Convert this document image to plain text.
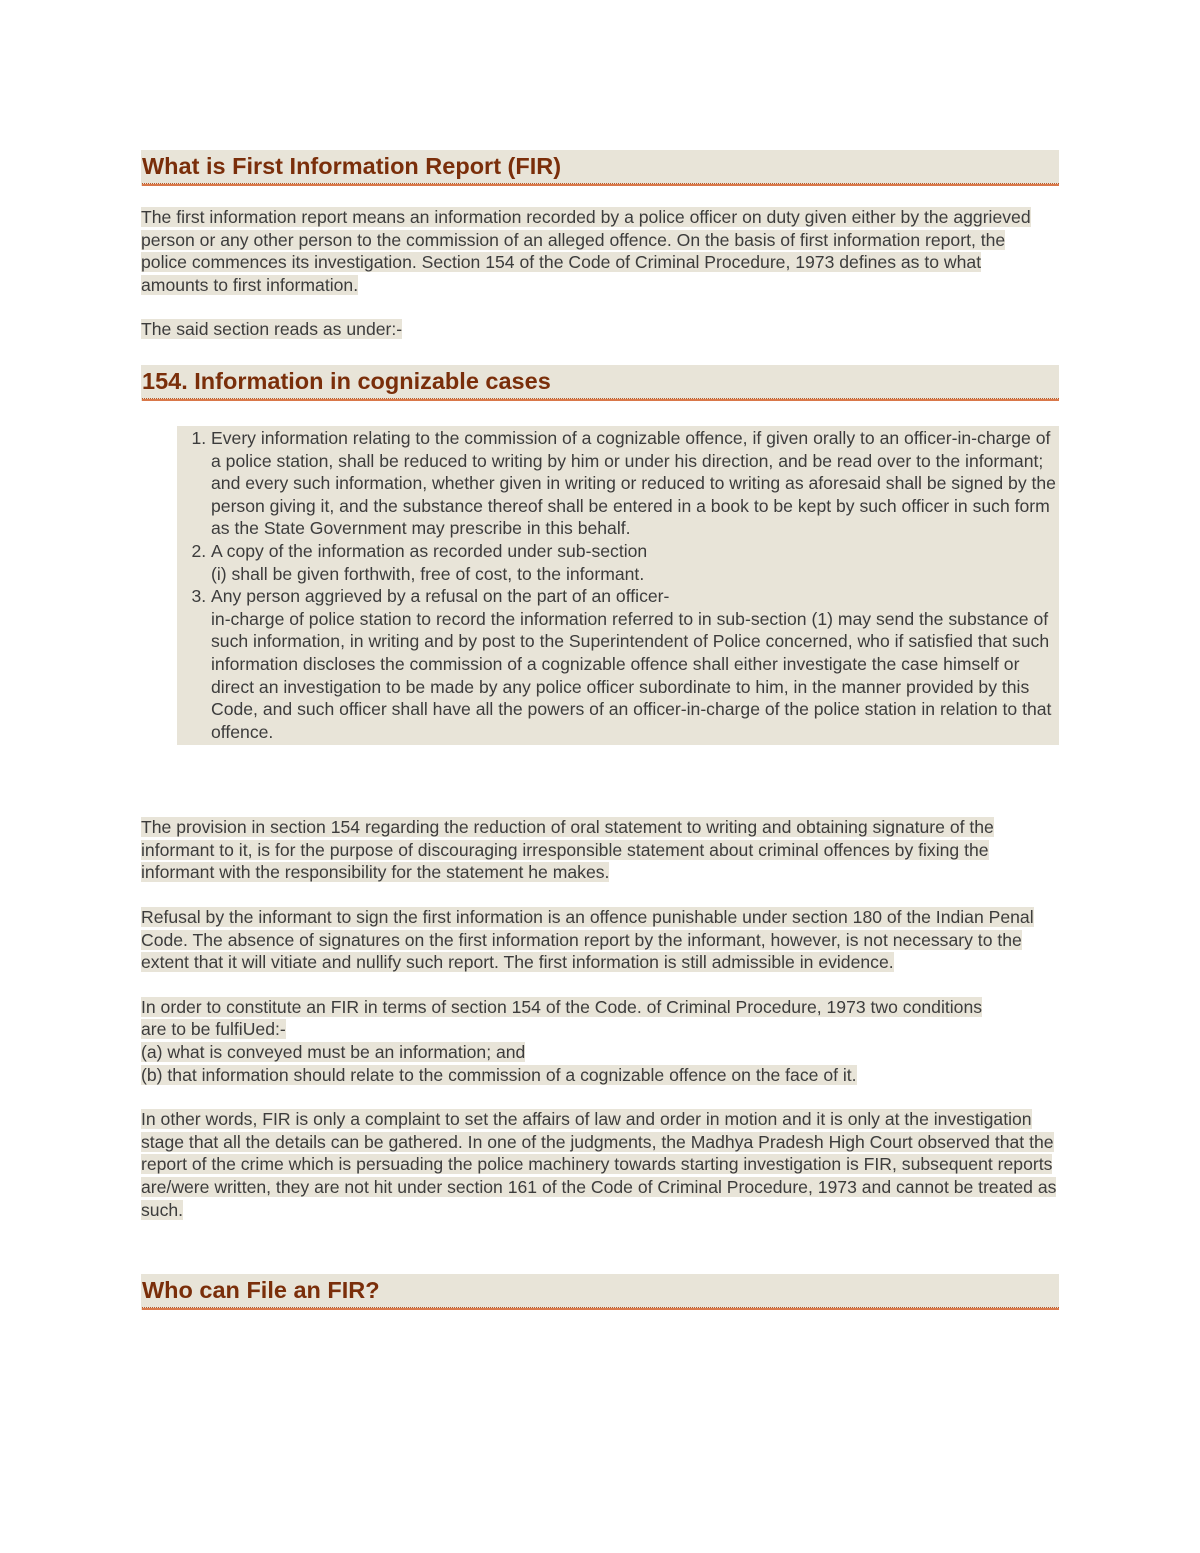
What is First Information Report (FIR)

The first information report means an information recorded by a police officer on duty given either by the aggrieved person or any other person to the commission of an alleged offence. On the basis of first information report, the police commences its investigation. Section 154 of the Code of Criminal Procedure, 1973 defines as to what amounts to first information.

The said section reads as under:-

154. Information in cognizable cases
1. Every information relating to the commission of a cognizable offence, if given orally to an officer-in-charge of a police station, shall be reduced to writing by him or under his direction, and be read over to the informant; and every such information, whether given in writing or reduced to writing as aforesaid shall be signed by the person giving it, and the substance thereof shall be entered in a book to be kept by such officer in such form as the State Government may prescribe in this behalf.
2. A copy of the information as recorded under sub-section
(i) shall be given forthwith, free of cost, to the informant.
3. Any person aggrieved by a refusal on the part of an officer-
in-charge of police station to record the information referred to in sub-section (1) may send the substance of such information, in writing and by post to the Superintendent of Police concerned, who if satisfied that such information discloses the commission of a cognizable offence shall either investigate the case himself or direct an investigation to be made by any police officer subordinate to him, in the manner provided by this Code, and such officer shall have all the powers of an officer-in-charge of the police station in relation to that offence.

The provision in section 154 regarding the reduction of oral statement to writing and obtaining signature of the informant to it, is for the purpose of discouraging irresponsible statement about criminal offences by fixing the informant with the responsibility for the statement he makes.

Refusal by the informant to sign the first information is an offence punishable under section 180 of the Indian Penal Code. The absence of signatures on the first information report by the informant, however, is not necessary to the extent that it will vitiate and nullify such report. The first information is still admissible in evidence.

In order to constitute an FIR in terms of section 154 of the Code. of Criminal Procedure, 1973 two conditions are to be fulfiUed:-
(a) what is conveyed must be an information; and
(b) that information should relate to the commission of a cognizable offence on the face of it.

In other words, FIR is only a complaint to set the affairs of law and order in motion and it is only at the investigation stage that all the details can be gathered. In one of the judgments, the Madhya Pradesh High Court observed that the report of the crime which is persuading the police machinery towards starting investigation is FIR, subsequent reports are/were written, they are not hit under section 161 of the Code of Criminal Procedure, 1973 and cannot be treated as such.

Who can File an FIR?
